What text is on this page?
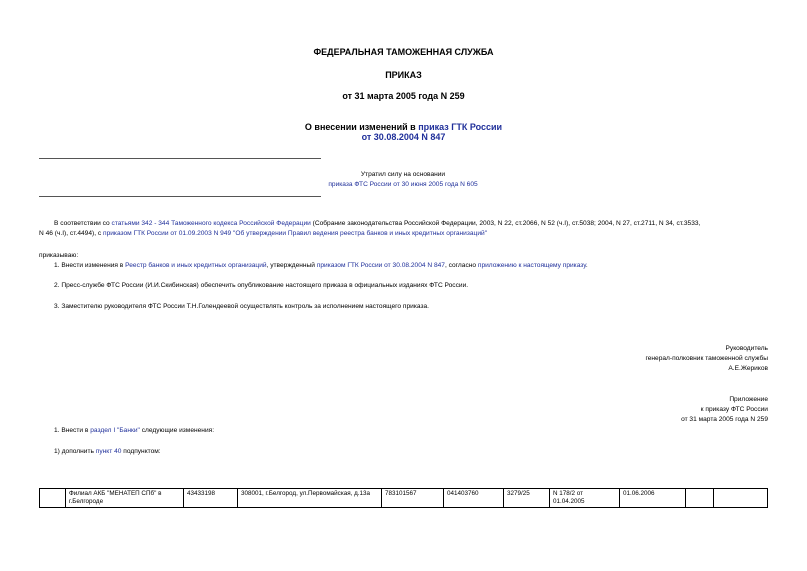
ФЕДЕРАЛЬНАЯ ТАМОЖЕННАЯ СЛУЖБА
ПРИКАЗ
от 31 марта 2005 года N 259
О внесении изменений в приказ ГТК России
от 30.08.2004 N 847
Утратил силу на основании
приказа ФТС России от 30 июня 2005 года N 605
В соответствии со статьями 342 - 344 Таможенного кодекса Российской Федерации (Собрание законодательства Российской Федерации, 2003, N 22, ст.2066, N 52 (ч.I), ст.5038; 2004, N 27, ст.2711, N 34, ст.3533,
N 46 (ч.I), ст.4494), с приказом ГТК России от 01.09.2003 N 949 "Об утверждении Правил ведения реестра банков и иных кредитных организаций"
приказываю:
1. Внести изменения в Реестр банков и иных кредитных организаций, утвержденный приказом ГТК России от 30.08.2004 N 847, согласно приложению к настоящему приказу.
2. Пресс-службе ФТС России (И.И.Скибинская) обеспечить опубликование настоящего приказа в официальных изданиях ФТС России.
3. Заместителю руководителя ФТС России Т.Н.Голендеевой осуществлять контроль за исполнением настоящего приказа.
Руководитель
генерал-полковник таможенной службы
А.Е.Жериков
Приложение
к приказу ФТС России
от 31 марта 2005 года N 259
1. Внести в раздел I "Банки" следующие изменения:
1) дополнить пункт 40 подпунктом:
	Филиал АКБ "МЕНАТЕП СПб" в г.Белгороде	43433198	308001, г.Белгород, ул.Первомайская, д.13а	783101567	041403760	3279/25	N 178/2 от 01.04.2005	01.06.2006		
